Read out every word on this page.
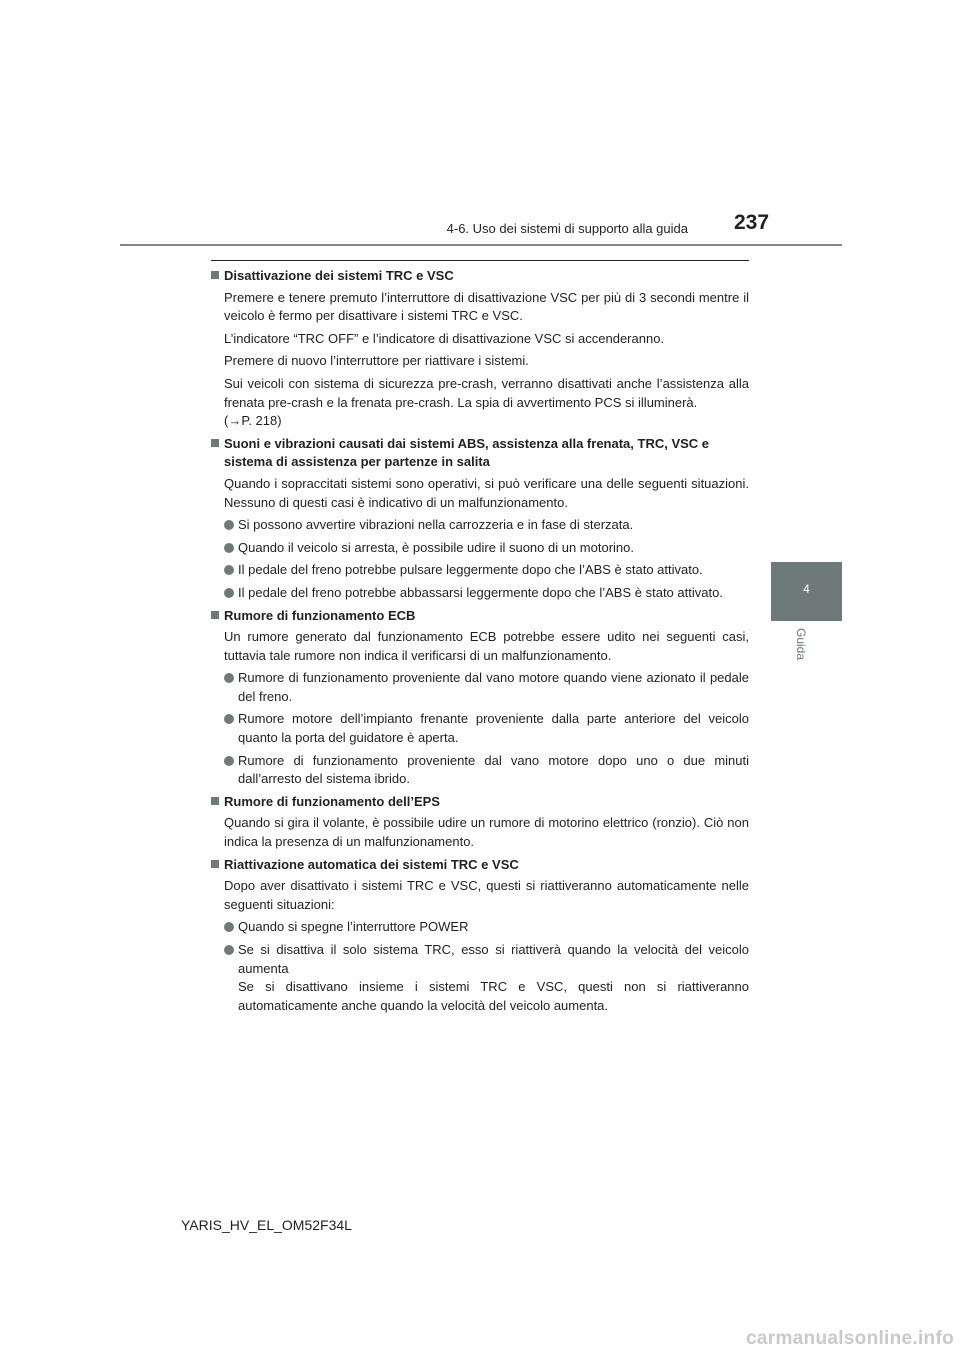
4-6. Uso dei sistemi di supporto alla guida 237
4
Guida
Disattivazione dei sistemi TRC e VSC

Premere e tenere premuto l’interruttore di disattivazione VSC per più di 3 secondi mentre il veicolo è fermo per disattivare i sistemi TRC e VSC.

L’indicatore “TRC OFF” e l’indicatore di disattivazione VSC si accenderanno.

Premere di nuovo l’interruttore per riattivare i sistemi.

Sui veicoli con sistema di sicurezza pre-crash, verranno disattivati anche l’assistenza alla frenata pre-crash e la frenata pre-crash. La spia di avvertimento PCS si illuminerà.

(→P. 218)

Suoni e vibrazioni causati dai sistemi ABS, assistenza alla frenata, TRC, VSC e sistema di assistenza per partenze in salita

Quando i sopraccitati sistemi sono operativi, si può verificare una delle seguenti situazioni. Nessuno di questi casi è indicativo di un malfunzionamento.

Si possono avvertire vibrazioni nella carrozzeria e in fase di sterzata.
Quando il veicolo si arresta, è possibile udire il suono di un motorino.
Il pedale del freno potrebbe pulsare leggermente dopo che l’ABS è stato attivato.
Il pedale del freno potrebbe abbassarsi leggermente dopo che l’ABS è stato attivato.
Rumore di funzionamento ECB

Un rumore generato dal funzionamento ECB potrebbe essere udito nei seguenti casi, tuttavia tale rumore non indica il verificarsi di un malfunzionamento.

Rumore di funzionamento proveniente dal vano motore quando viene azionato il pedale del freno.
Rumore motore dell’impianto frenante proveniente dalla parte anteriore del veicolo quanto la porta del guidatore è aperta.
Rumore di funzionamento proveniente dal vano motore dopo uno o due minuti dall’arresto del sistema ibrido.
Rumore di funzionamento dell’EPS

Quando si gira il volante, è possibile udire un rumore di motorino elettrico (ronzio). Ciò non indica la presenza di un malfunzionamento.

Riattivazione automatica dei sistemi TRC e VSC

Dopo aver disattivato i sistemi TRC e VSC, questi si riattiveranno automaticamente nelle seguenti situazioni:

Quando si spegne l’interruttore POWER
Se si disattiva il solo sistema TRC, esso si riattiverà quando la velocità del veicolo aumenta
Se si disattivano insieme i sistemi TRC e VSC, questi non si riattiveranno automaticamente anche quando la velocità del veicolo aumenta.
YARIS_HV_EL_OM52F34L
carmanualsonline.info
